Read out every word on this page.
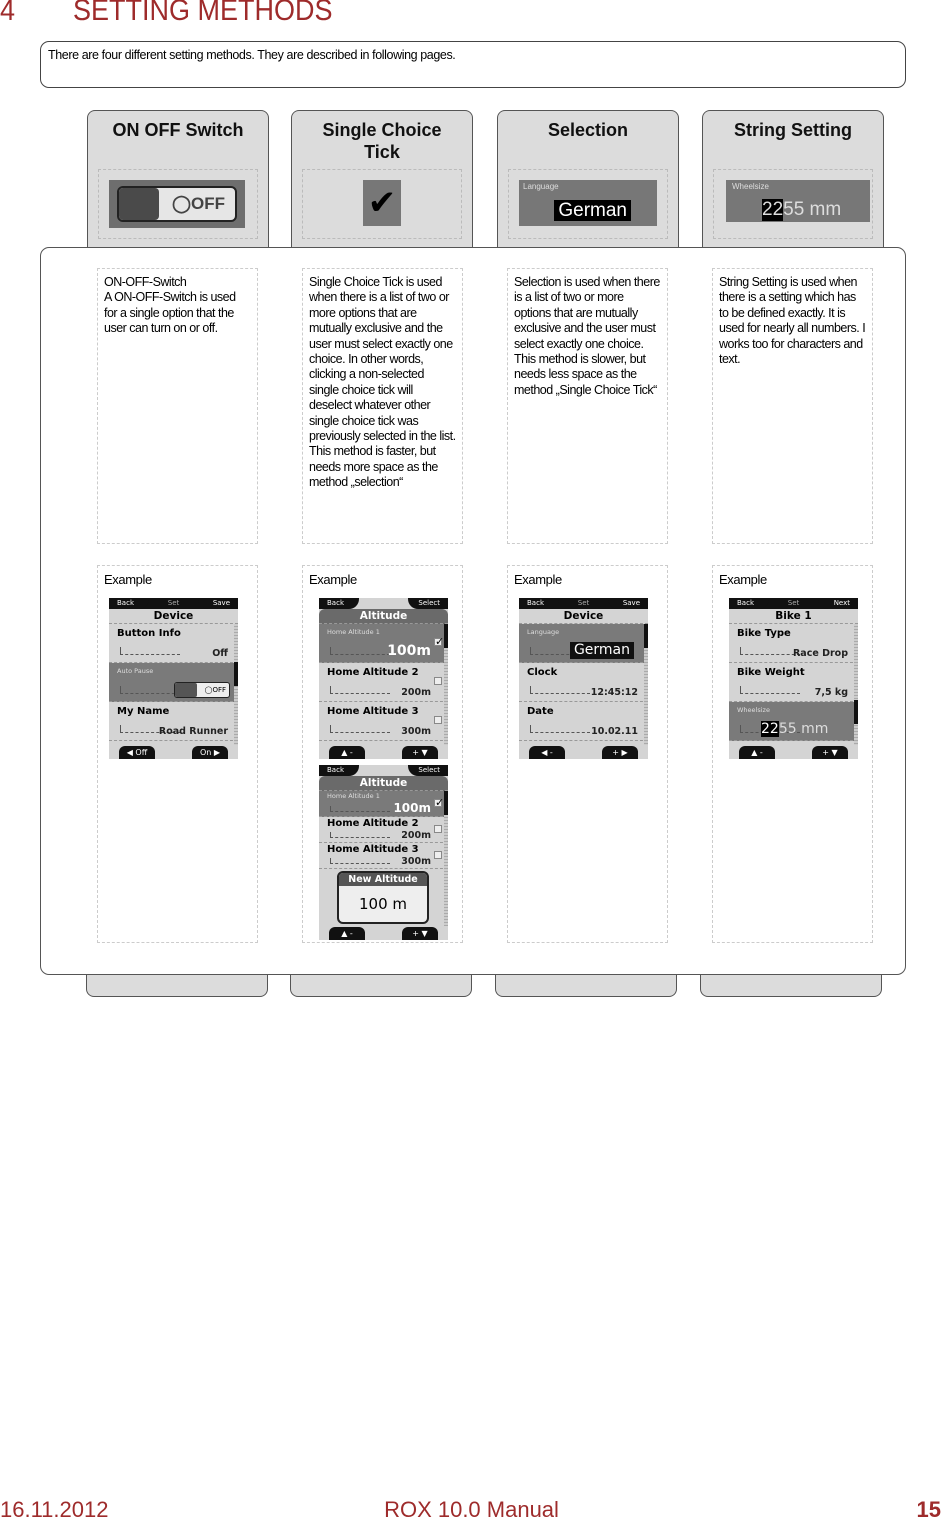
4 SETTING METHODS
There are four different setting methods. They are described in following pages.
ON OFF Switch
◯OFF
Single Choice Tick
✔
Selection
Language
German
String Setting
Wheelsize
2255 mm
ON-OFF-Switch
A ON-OFF-Switch is used for a single option that the user can turn on or off.
Single Choice Tick is used when there is a list of two or more options that are mutually exclusive and the user must select exactly one choice. In other words, clicking a non-selected single choice tick will deselect whatever other single choice tick was previously selected in the list.
This method is faster, but needs more space as the method „selection“
Selection is used when there is a list of two or more options that are mutually exclusive and the user must select exactly one choice.
This method is slower, but needs less space as the method „Single Choice Tick“
String Setting is used when there is a setting which has to be defined exactly. It is used for nearly all numbers. I works too for characters and text.
Example	Example	Example	Example
Set
Back	Save
Device
Button Info
Off
Auto Pause
◯OFF
My Name
Road Runner
◀ Off	On ▶
Back	Select
Altitude
Home Altitude 1
100m
✓
Home Altitude 2
200m
Home Altitude 3
300m
▲ -	+ ▼
Back	Select
Altitude
Home Altitude 1
100m ✓
Home Altitude 2
200m
Home Altitude 3
300m
▲ -	+ ▼
New Altitude
100 m
Set
Back	Save
Device
Language
German
Clock
12:45:12
Date
10.02.11
◀ -	+ ▶
Set
Back	Next
Bike 1
Bike Type
Race Drop
Bike Weight
7,5 kg
Wheelsize
2255 mm
▲ -	+ ▼
16.11.2012	ROX 10.0 Manual	15
